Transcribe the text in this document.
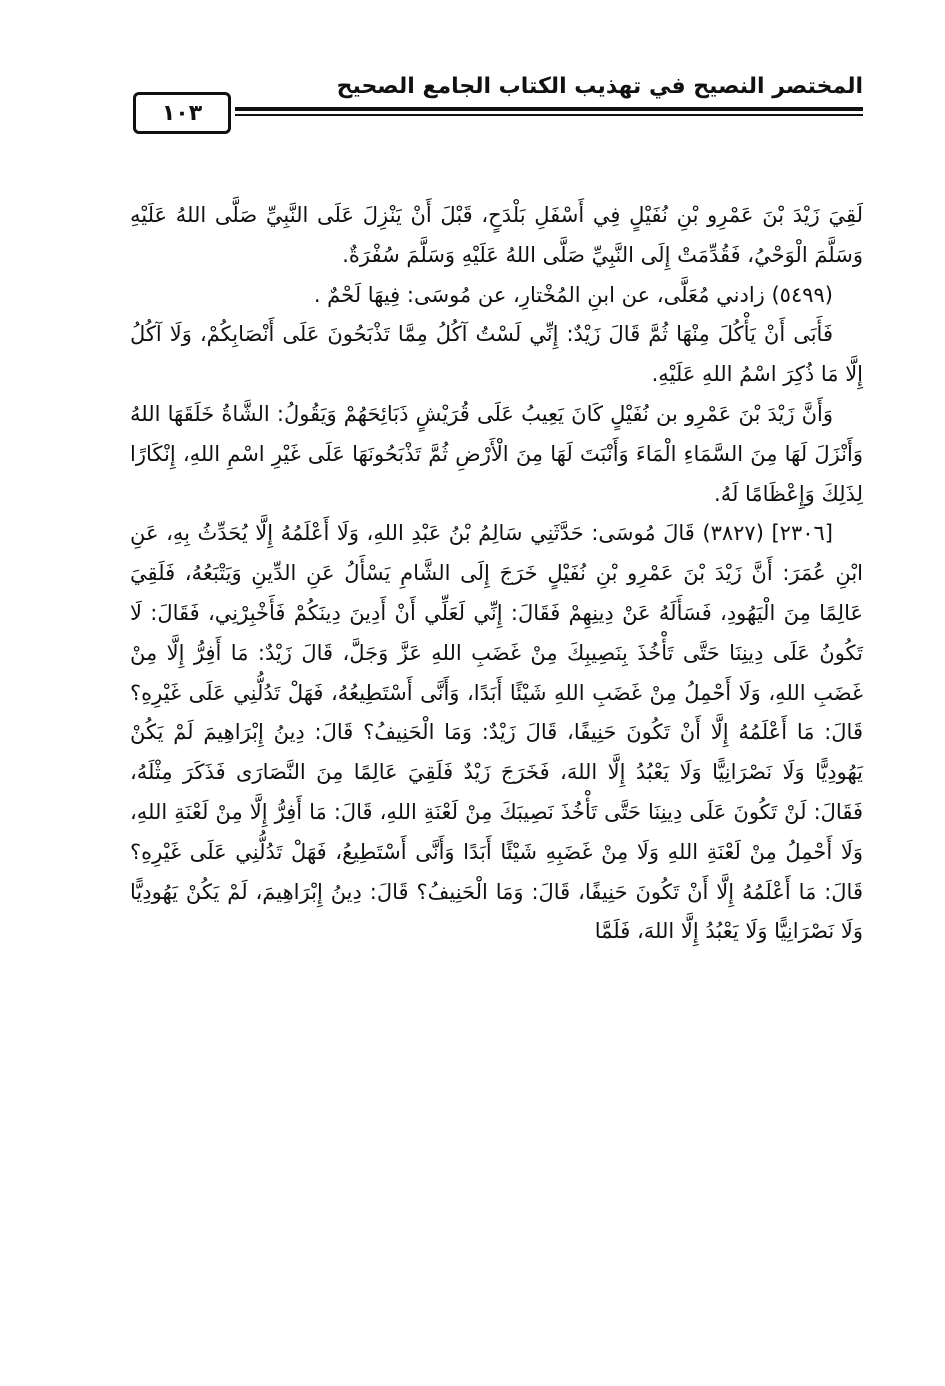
المختصر النصيح في تهذيب الكتاب الجامع الصحيح
١٠٣

لَقِيَ زَيْدَ بْنَ عَمْرِو بْنِ نُفَيْلٍ فِي أَسْفَلِ بَلْدَحٍ، قَبْلَ أَنْ يَنْزِلَ عَلَى النَّبِيِّ صَلَّى اللهُ عَلَيْهِ وَسَلَّمَ الْوَحْيُ، فَقُدِّمَتْ إِلَى النَّبِيِّ صَلَّى اللهُ عَلَيْهِ وَسَلَّمَ سُفْرَةٌ.

(٥٤٩٩) زادني مُعَلَّى، عن ابنِ المُخْتارِ، عن مُوسَى: فِيهَا لَحْمٌ .

فَأَبَى أَنْ يَأْكُلَ مِنْهَا ثُمَّ قَالَ زَيْدٌ: إِنِّي لَسْتُ آكُلُ مِمَّا تَذْبَحُونَ عَلَى أَنْصَابِكُمْ، وَلَا آكُلُ إِلَّا مَا ذُكِرَ اسْمُ اللهِ عَلَيْهِ.

وَأَنَّ زَيْدَ بْنَ عَمْرِو بن نُفَيْلٍ كَانَ يَعِيبُ عَلَى قُرَيْشٍ ذَبَائِحَهُمْ وَيَقُولُ: الشَّاةُ خَلَقَهَا اللهُ وَأَنْزَلَ لَهَا مِنَ السَّمَاءِ الْمَاءَ وَأَنْبَتَ لَهَا مِنَ الْأَرْضِ ثُمَّ تَذْبَحُونَهَا عَلَى غَيْرِ اسْمِ اللهِ، إِنْكَارًا لِذَلِكَ وَإِعْظَامًا لَهُ.

[٢٣٠٦] (٣٨٢٧) قَالَ مُوسَى: حَدَّثَنِي سَالِمُ بْنُ عَبْدِ اللهِ، وَلَا أَعْلَمُهُ إِلَّا يُحَدِّثُ بِهِ، عَنِ ابْنِ عُمَرَ: أَنَّ زَيْدَ بْنَ عَمْرِو بْنِ نُفَيْلٍ خَرَجَ إِلَى الشَّامِ يَسْأَلُ عَنِ الدِّينِ وَيَتْبَعُهُ، فَلَقِيَ عَالِمًا مِنَ الْيَهُودِ، فَسَأَلَهُ عَنْ دِينِهِمْ فَقَالَ: إِنِّي لَعَلِّي أَنْ أَدِينَ دِينَكُمْ فَأَخْبِرْنِي، فَقَالَ: لَا تَكُونُ عَلَى دِينِنَا حَتَّى تَأْخُذَ بِنَصِيبِكَ مِنْ غَضَبِ اللهِ عَزَّ وَجَلَّ، قَالَ زَيْدٌ: مَا أَفِرُّ إِلَّا مِنْ غَضَبِ اللهِ، وَلَا أَحْمِلُ مِنْ غَضَبِ اللهِ شَيْئًا أَبَدًا، وَأَنَّى أَسْتَطِيعُهُ، فَهَلْ تَدُلُّنِي عَلَى غَيْرِهِ؟ قَالَ: مَا أَعْلَمُهُ إِلَّا أَنْ تَكُونَ حَنِيفًا، قَالَ زَيْدٌ: وَمَا الْحَنِيفُ؟ قَالَ: دِينُ إِبْرَاهِيمَ لَمْ يَكُنْ يَهُودِيًّا وَلَا نَصْرَانِيًّا وَلَا يَعْبُدُ إِلَّا اللهَ، فَخَرَجَ زَيْدٌ فَلَقِيَ عَالِمًا مِنَ النَّصَارَى فَذَكَرَ مِثْلَهُ، فَقَالَ: لَنْ تَكُونَ عَلَى دِينِنَا حَتَّى تَأْخُذَ نَصِيبَكَ مِنْ لَعْنَةِ اللهِ، قَالَ: مَا أَفِرُّ إِلَّا مِنْ لَعْنَةِ اللهِ، وَلَا أَحْمِلُ مِنْ لَعْنَةِ اللهِ وَلَا مِنْ غَضَبِهِ شَيْئًا أَبَدًا وَأَنَّى أَسْتَطِيعُ، فَهَلْ تَدُلُّنِي عَلَى غَيْرِهِ؟ قَالَ: مَا أَعْلَمُهُ إِلَّا أَنْ تَكُونَ حَنِيفًا، قَالَ: وَمَا الْحَنِيفُ؟ قَالَ: دِينُ إِبْرَاهِيمَ، لَمْ يَكُنْ يَهُودِيًّا وَلَا نَصْرَانِيًّا وَلَا يَعْبُدُ إِلَّا اللهَ، فَلَمَّا
